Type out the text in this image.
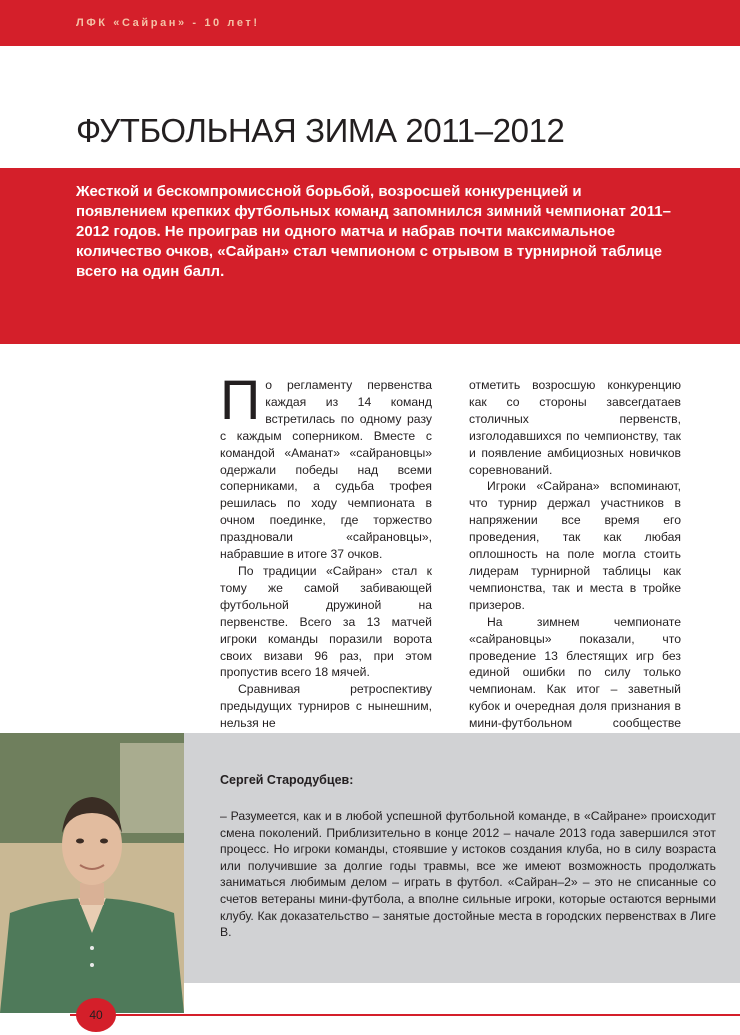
ЛФК «Сайран» - 10 лет!
ФУТБОЛЬНАЯ ЗИМА 2011–2012

Жесткой и бескомпромиссной борьбой, возросшей конкуренцией и появлением крепких футбольных команд запомнился зимний чемпионат 2011–2012 годов. Не проиграв ни одного матча и набрав почти максимальное количество очков, «Сайран» стал чемпионом с отрывом в турнирной таблице всего на один балл.

По регламенту первенства каждая из 14 команд встретилась по одному разу с каждым соперником. Вместе с командой «Аманат» «сайрановцы» одержали победы над всеми соперниками, а судьба трофея решилась по ходу чемпионата в очном поединке, где торжество праздновали «сайрановцы», набравшие в итоге 37 очков.

По традиции «Сайран» стал к тому же самой забивающей футбольной дружиной на первенстве. Всего за 13 матчей игроки команды поразили ворота своих визави 96 раз, при этом пропустив всего 18 мячей.

Сравнивая ретроспективу предыдущих турниров с нынешним, нельзя не

отметить возросшую конкуренцию как со стороны завсегдатаев столичных первенств, изголодавшихся по чемпионству, так и появление амбициозных новичков соревнований.

Игроки «Сайрана» вспоминают, что турнир держал участников в напряжении все время его проведения, так как любая оплошность на поле могла стоить лидерам турнирной таблицы как чемпионства, так и места в тройке призеров.

На зимнем чемпионате «сайрановцы» показали, что проведение 13 блестящих игр без единой ошибки по силу только чемпионам. Как итог – заветный кубок и очередная доля признания в мини-футбольном сообществе

Сергей Стародубцев:

– Разумеется, как и в любой успешной футбольной команде, в «Сайране» происходит смена поколений. Приблизительно в конце 2012 – начале 2013 года завершился этот процесс. Но игроки команды, стоявшие у истоков создания клуба, но в силу возраста или получившие за долгие годы травмы, все же имеют возможность продолжать заниматься любимым делом – играть в футбол. «Сайран–2» – это не списанные со счетов ветераны мини-футбола, а вполне сильные игроки, которые остаются верными клубу. Как доказательство – занятые достойные места в городских первенствах в Лиге В.

40
